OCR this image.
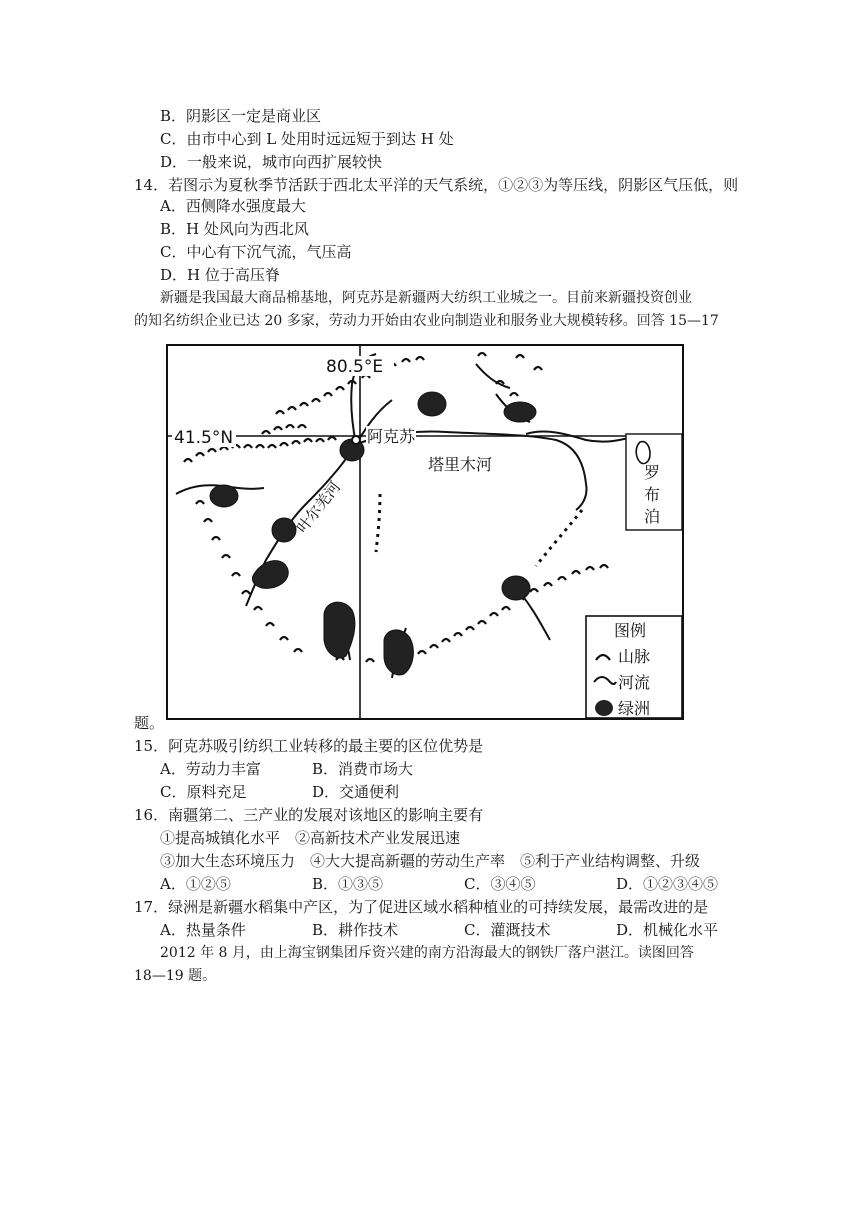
B．阴影区一定是商业区
C．由市中心到 L 处用时远远短于到达 H 处
D．一般来说，城市向西扩展较快
14．若图示为夏秋季节活跃于西北太平洋的天气系统，①②③为等压线，阴影区气压低，则
A．西侧降水强度最大
B．H 处风向为西北风
C．中心有下沉气流，气压高
D．H 位于高压脊
新疆是我国最大商品棉基地，阿克苏是新疆两大纺织工业城之一。目前来新疆投资创业
的知名纺织企业已达 20 多家，劳动力开始由农业向制造业和服务业大规模转移。回答 15—17
80.5°E
41.5°N	阿克苏
塔里木河
叶尔羌河
罗
布
泊
图例
山脉
河流
绿洲
题。
15．阿克苏吸引纺织工业转移的最主要的区位优势是
A．劳动力丰富	B．消费市场大
C．原料充足	D．交通便利
16．南疆第二、三产业的发展对该地区的影响主要有
①提高城镇化水平　②高新技术产业发展迅速
③加大生态环境压力　④大大提高新疆的劳动生产率　⑤利于产业结构调整、升级
A．①②⑤	B．①③⑤	C．③④⑤	D．①②③④⑤
17．绿洲是新疆水稻集中产区，为了促进区域水稻种植业的可持续发展，最需改进的是
A．热量条件	B．耕作技术	C．灌溉技术	D．机械化水平
2012 年 8 月，由上海宝钢集团斥资兴建的南方沿海最大的钢铁厂落户湛江。读图回答
18—19 题。
